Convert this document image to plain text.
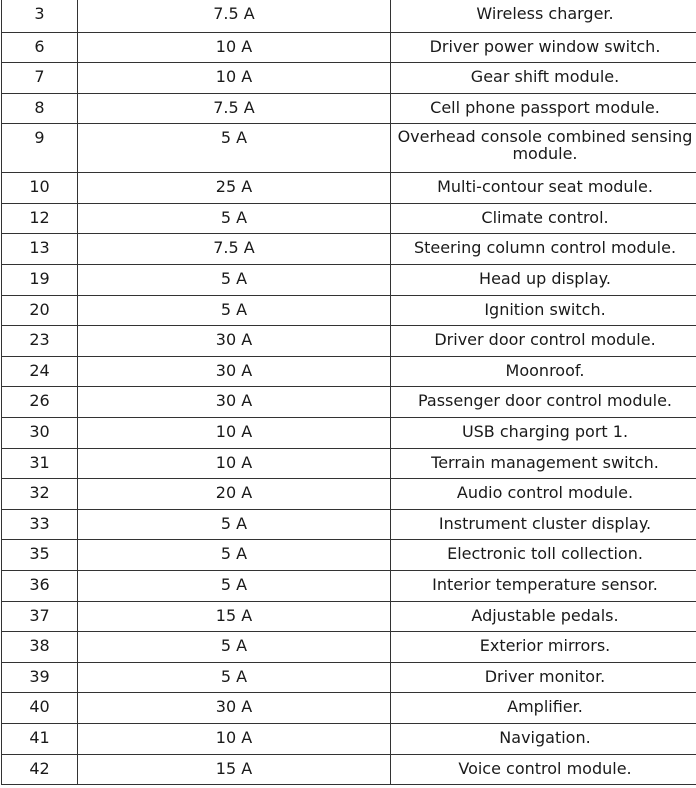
3	7.5 A	Wireless charger.
6	10 A	Driver power window switch.
7	10 A	Gear shift module.
8	7.5 A	Cell phone passport module.
9	5 A	Overhead console combined sensing module.
10	25 A	Multi-contour seat module.
12	5 A	Climate control.
13	7.5 A	Steering column control module.
19	5 A	Head up display.
20	5 A	Ignition switch.
23	30 A	Driver door control module.
24	30 A	Moonroof.
26	30 A	Passenger door control module.
30	10 A	USB charging port 1.
31	10 A	Terrain management switch.
32	20 A	Audio control module.
33	5 A	Instrument cluster display.
35	5 A	Electronic toll collection.
36	5 A	Interior temperature sensor.
37	15 A	Adjustable pedals.
38	5 A	Exterior mirrors.
39	5 A	Driver monitor.
40	30 A	Amplifier.
41	10 A	Navigation.
42	15 A	Voice control module.
